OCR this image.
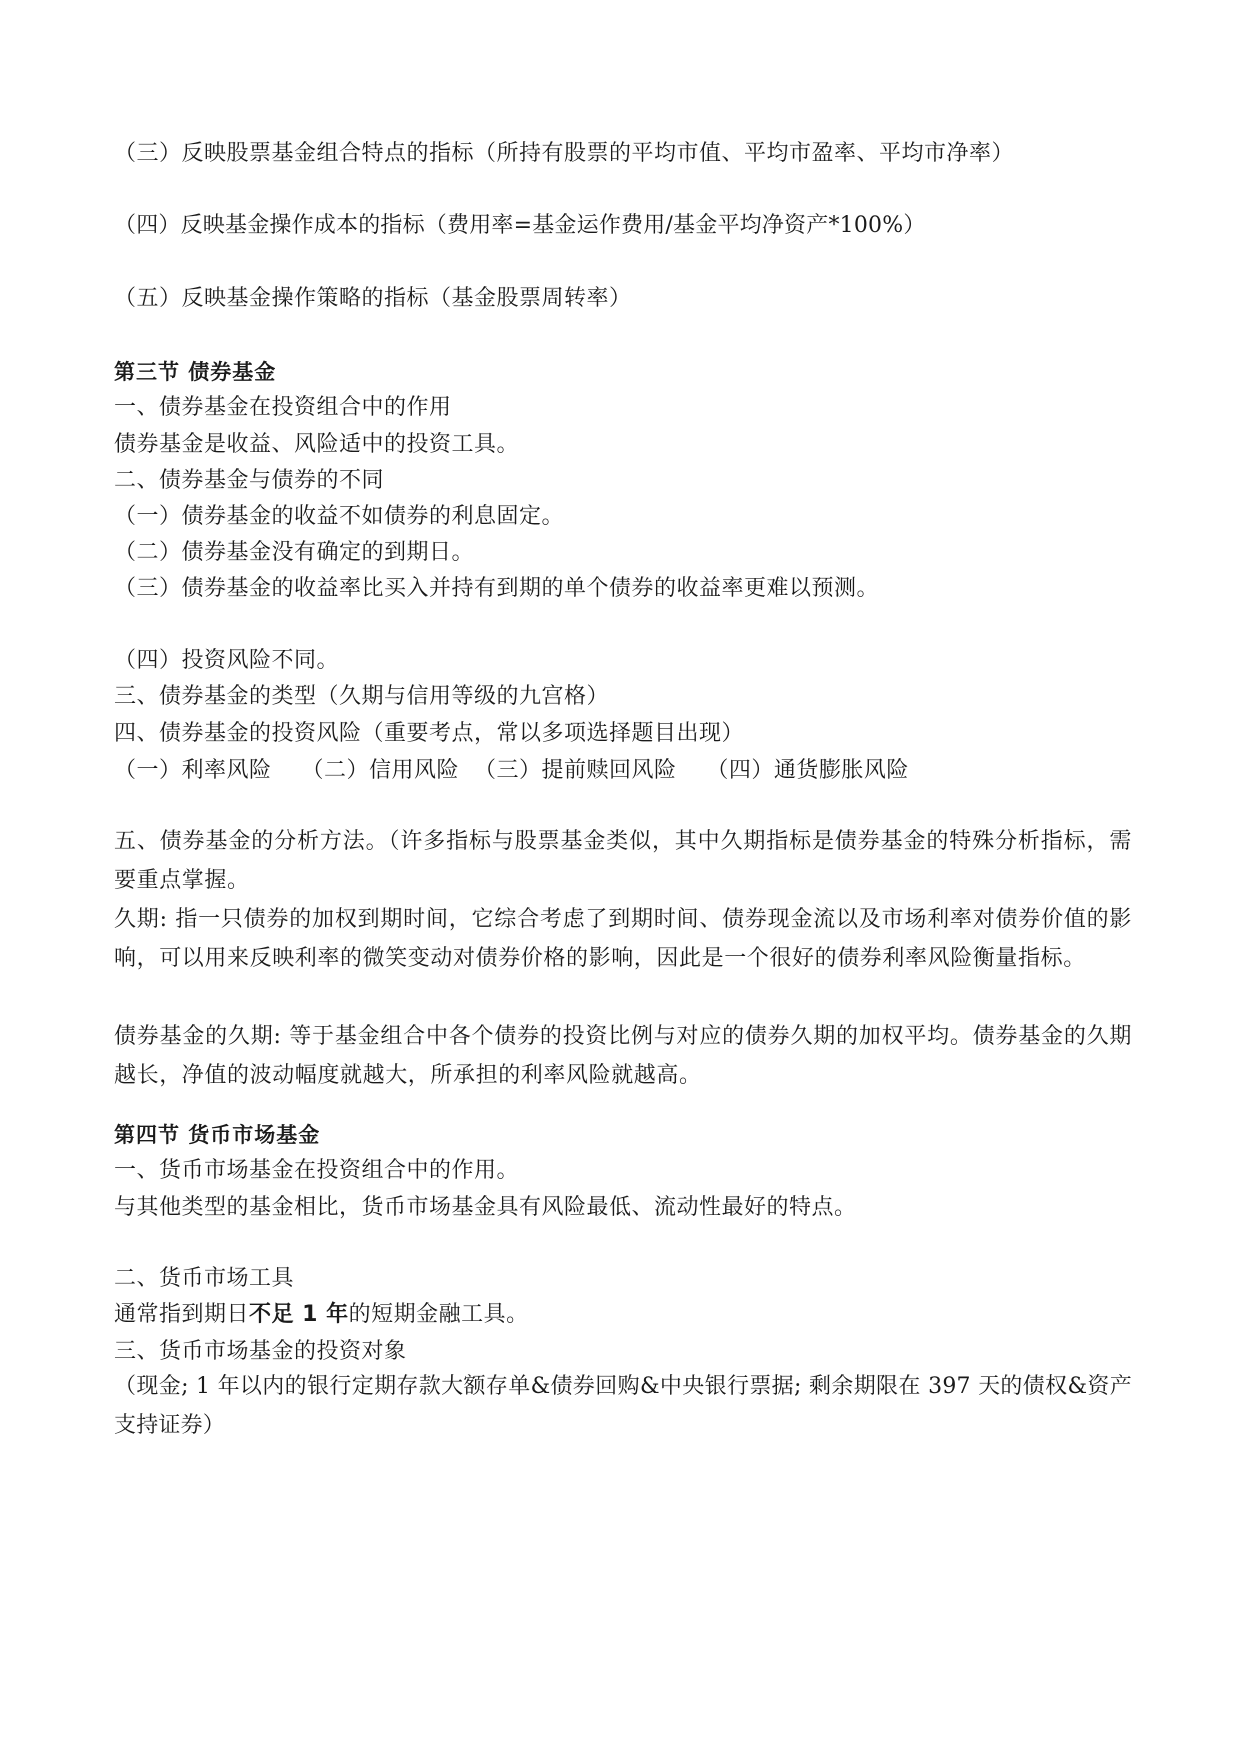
（三）反映股票基金组合特点的指标（所持有股票的平均市值、平均市盈率、平均市净率）
（四）反映基金操作成本的指标（费用率=基金运作费用/基金平均净资产*100%）
（五）反映基金操作策略的指标（基金股票周转率）
第三节 债券基金
一、债券基金在投资组合中的作用
债券基金是收益、风险适中的投资工具。
二、债券基金与债券的不同
（一）债券基金的收益不如债券的利息固定。
（二）债券基金没有确定的到期日。
（三）债券基金的收益率比买入并持有到期的单个债券的收益率更难以预测。
（四）投资风险不同。
三、债券基金的类型（久期与信用等级的九宫格）
四、债券基金的投资风险（重要考点，常以多项选择题目出现）
（一）利率风险    （二）信用风险  （三）提前赎回风险    （四）通货膨胀风险
五、债券基金的分析方法。（许多指标与股票基金类似，其中久期指标是债券基金的特殊分析指标，需要重点掌握。
久期: 指一只债券的加权到期时间，它综合考虑了到期时间、债券现金流以及市场利率对债券价值的影响，可以用来反映利率的微笑变动对债券价格的影响，因此是一个很好的债券利率风险衡量指标。
债券基金的久期: 等于基金组合中各个债券的投资比例与对应的债券久期的加权平均。债券基金的久期越长，净值的波动幅度就越大，所承担的利率风险就越高。
第四节 货币市场基金
一、货币市场基金在投资组合中的作用。
与其他类型的基金相比，货币市场基金具有风险最低、流动性最好的特点。
二、货币市场工具
通常指到期日不足 1 年的短期金融工具。
三、货币市场基金的投资对象
（现金; 1 年以内的银行定期存款大额存单&债券回购&中央银行票据; 剩余期限在 397 天的债权&资产支持证券）
